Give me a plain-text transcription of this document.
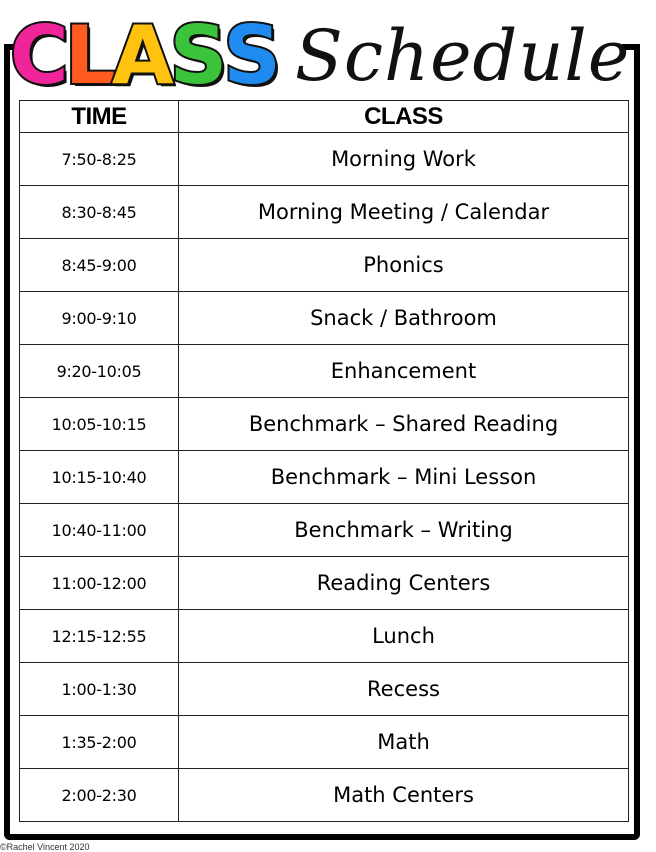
CLASS Schedule
TIME	CLASS
7:50-8:25	Morning Work
8:30-8:45	Morning Meeting / Calendar
8:45-9:00	Phonics
9:00-9:10	Snack / Bathroom
9:20-10:05	Enhancement
10:05-10:15	Benchmark – Shared Reading
10:15-10:40	Benchmark – Mini Lesson
10:40-11:00	Benchmark – Writing
11:00-12:00	Reading Centers
12:15-12:55	Lunch
1:00-1:30	Recess
1:35-2:00	Math
2:00-2:30	Math Centers
©Rachel Vincent 2020
